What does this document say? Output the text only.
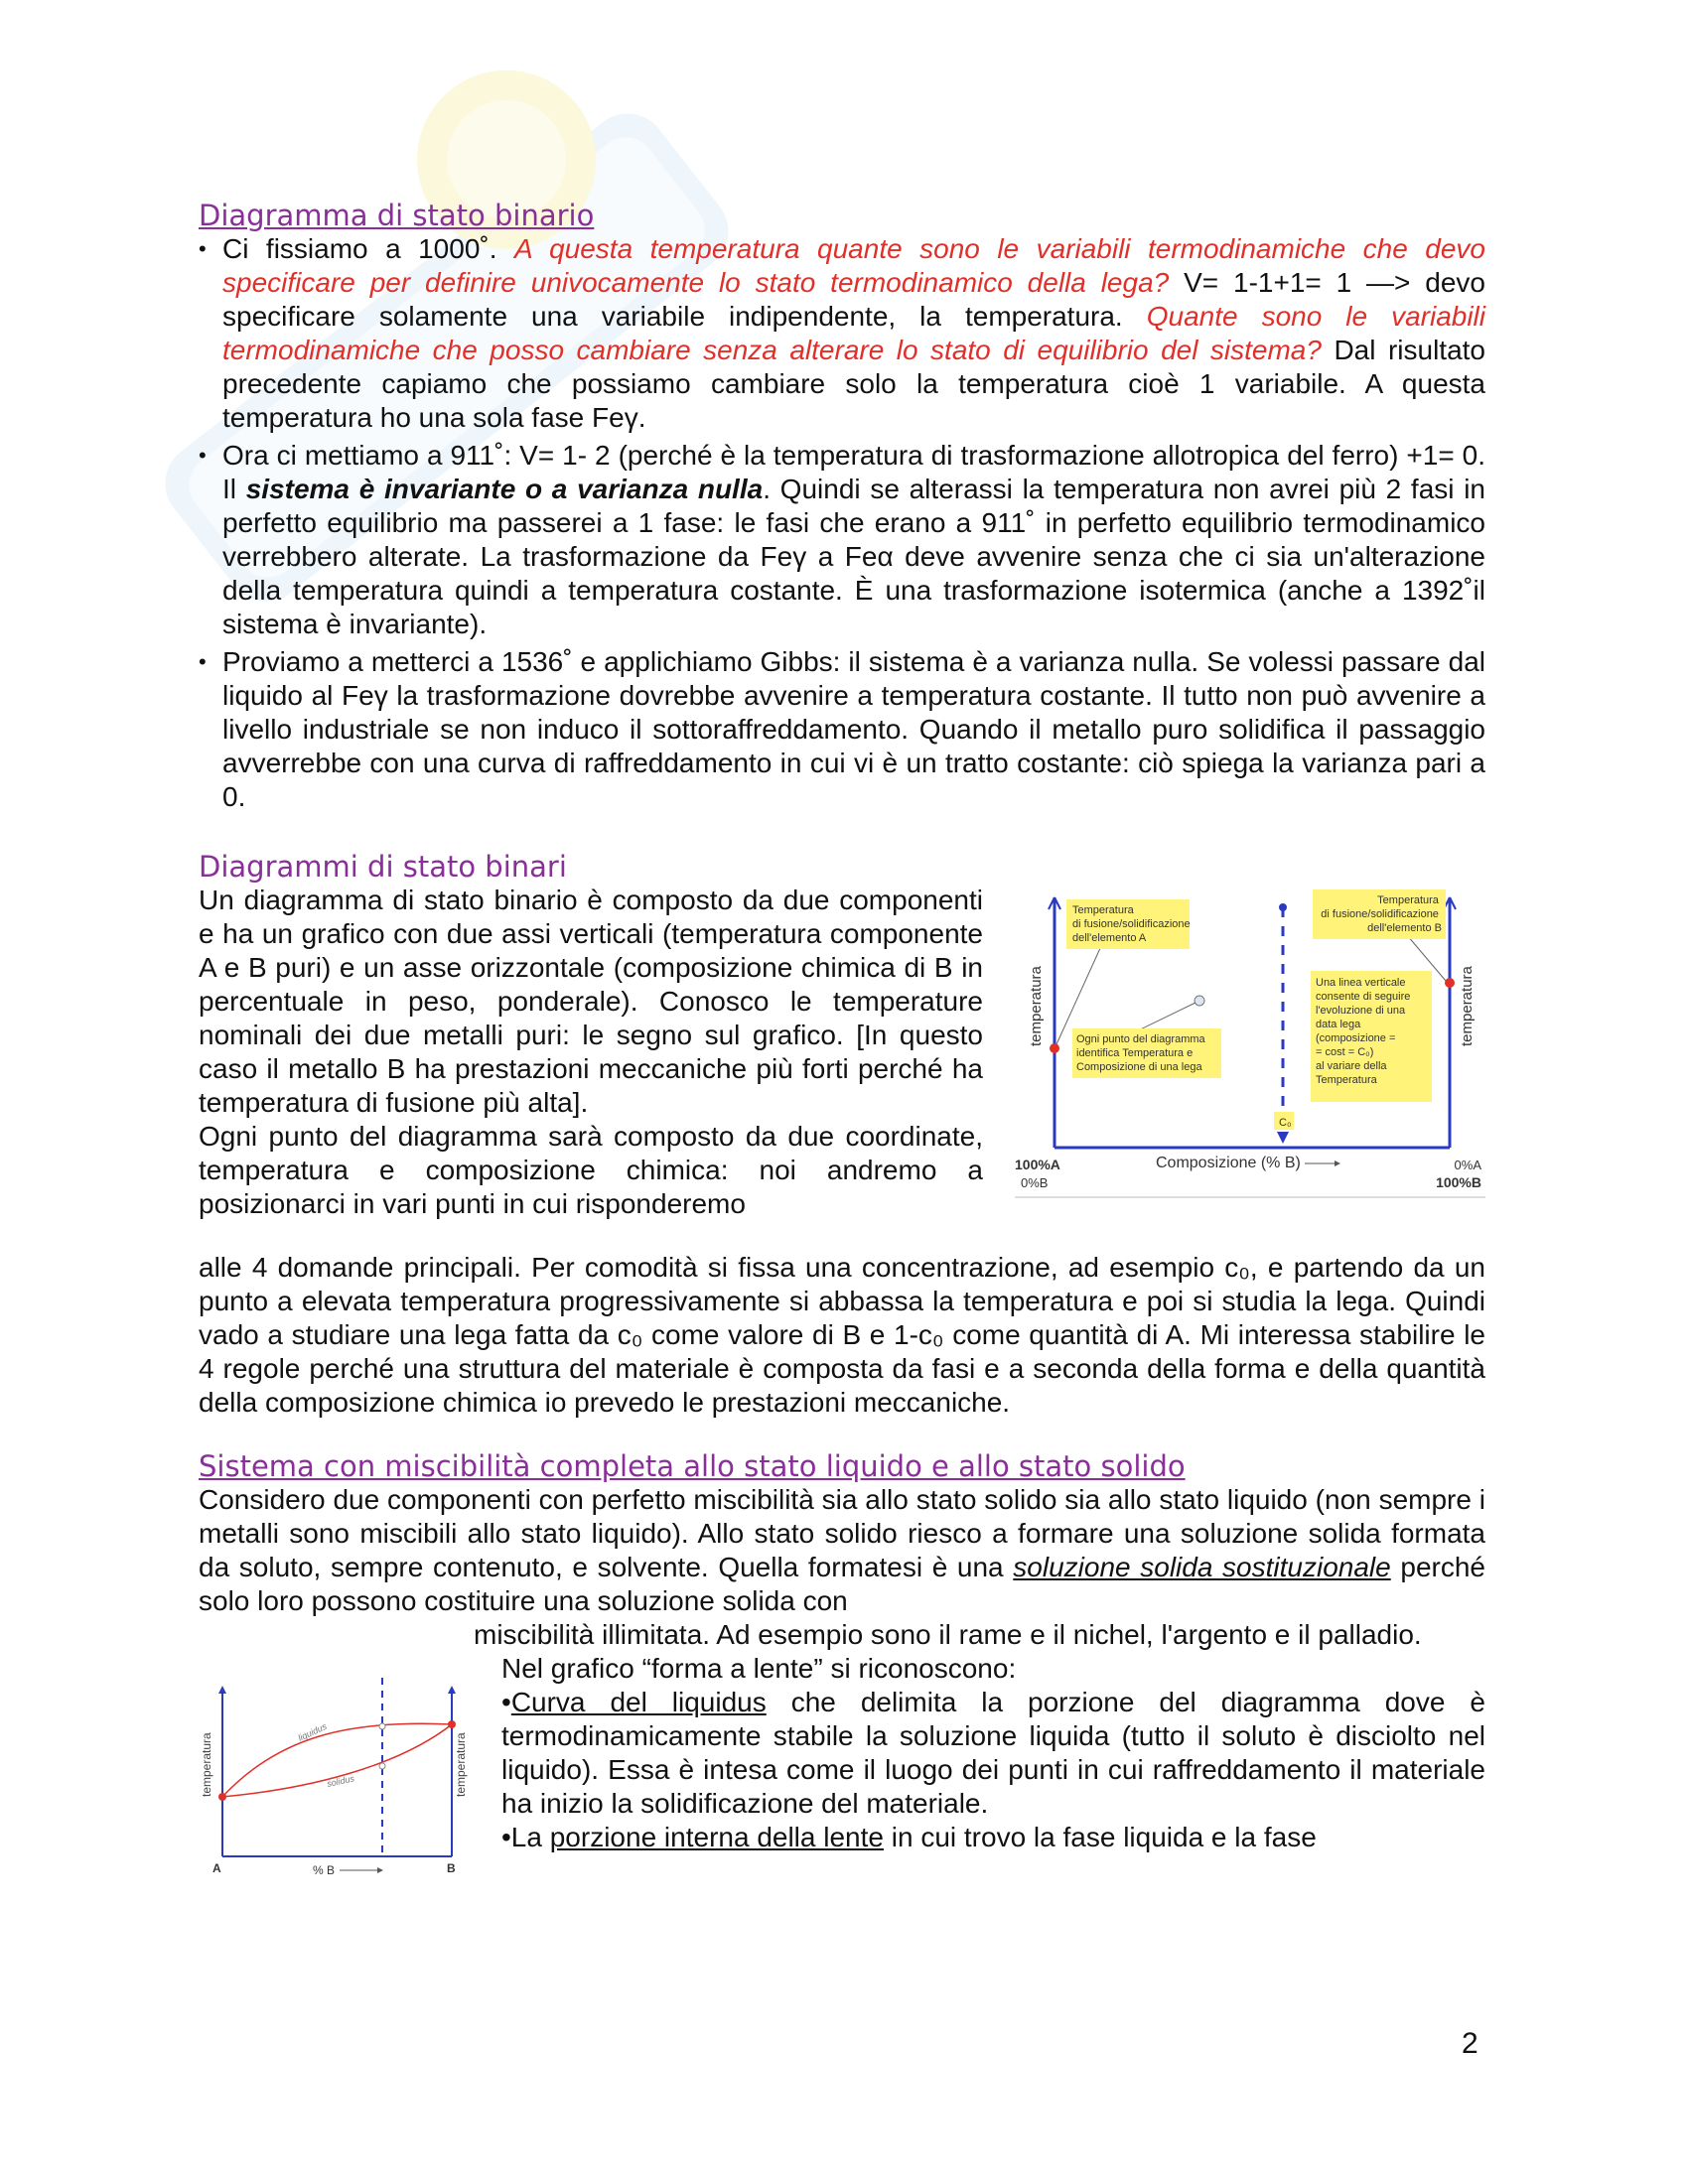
Diagramma di stato binario
• Ci fissiamo a 1000˚. A questa temperatura quante sono le variabili termodinamiche che devo specificare per definire univocamente lo stato termodinamico della lega? V= 1-1+1= 1 —> devo specificare solamente una variabile indipendente, la temperatura. Quante sono le variabili termodinamiche che posso cambiare senza alterare lo stato di equilibrio del sistema? Dal risultato precedente capiamo che possiamo cambiare solo la temperatura cioè 1 variabile. A questa temperatura ho una sola fase Feγ.
• Ora ci mettiamo a 911˚: V= 1- 2 (perché è la temperatura di trasformazione allotropica del ferro) +1= 0. Il sistema è invariante o a varianza nulla. Quindi se alterassi la temperatura non avrei più 2 fasi in perfetto equilibrio ma passerei a 1 fase: le fasi che erano a 911˚ in perfetto equilibrio termodinamico verrebbero alterate. La trasformazione da Feγ a Feα deve avvenire senza che ci sia un'alterazione della temperatura quindi a temperatura costante. È una trasformazione isotermica (anche a 1392˚il sistema è invariante).
• Proviamo a metterci a 1536˚ e applichiamo Gibbs: il sistema è a varianza nulla. Se volessi passare dal liquido al Feγ la trasformazione dovrebbe avvenire a temperatura costante. Il tutto non può avvenire a livello industriale se non induco il sottoraffreddamento. Quando il metallo puro solidifica il passaggio avverrebbe con una curva di raffreddamento in cui vi è un tratto costante: ciò spiega la varianza pari a 0.
Diagrammi di stato binari

Un diagramma di stato binario è composto da due componenti e ha un grafico con due assi verticali (temperatura componente A e B puri) e un asse orizzontale (composizione chimica di B in percentuale in peso, ponderale). Conosco le temperature nominali dei due metalli puri: le segno sul grafico. [In questo caso il metallo B ha prestazioni meccaniche più forti perché ha temperatura di fusione più alta].

Ogni punto del diagramma sarà composto da due coordinate, temperatura e composizione chimica: noi andremo a posizionarci in vari punti in cui risponderemo

Temperatura di fusione/solidificazione dell'elemento A
Temperatura di fusione/solidificazione dell'elemento B
Ogni punto del diagramma identifica Temperatura e Composizione di una lega
Una linea verticale consente di seguire l'evoluzione di una data lega (composizione = = cost = C₀) al variare della Temperatura
C₀
temperatura	temperatura
Composizione (% B)
100%A
0%B
0%A
100%B

alle 4 domande principali. Per comodità si fissa una concentrazione, ad esempio c₀, e partendo da un punto a elevata temperatura progressivamente si abbassa la temperatura e poi si studia la lega. Quindi vado a studiare una lega fatta da c₀ come valore di B e 1-c₀ come quantità di A. Mi interessa stabilire le 4 regole perché una struttura del materiale è composta da fasi e a seconda della forma e della quantità della composizione chimica io prevedo le prestazioni meccaniche.

Sistema con miscibilità completa allo stato liquido e allo stato solido

Considero due componenti con perfetto miscibilità sia allo stato solido sia allo stato liquido (non sempre i metalli sono miscibili allo stato liquido). Allo stato solido riesco a formare una soluzione solida formata da soluto, sempre contenuto, e solvente. Quella formatesi è una soluzione solida sostituzionale perché solo loro possono costituire una soluzione solida con

liquidus
solidus
temperatura	temperatura
A	B
% B

miscibilità illimitata. Ad esempio sono il rame e il nichel, l'argento e il palladio.

Nel grafico “forma a lente” si riconoscono:

•Curva del liquidus che delimita la porzione del diagramma dove è termodinamicamente stabile la soluzione liquida (tutto il soluto è disciolto nel liquido). Essa è intesa come il luogo dei punti in cui raffreddamento il materiale ha inizio la solidificazione del materiale.

•La porzione interna della lente in cui trovo la fase liquida e la fase

2
